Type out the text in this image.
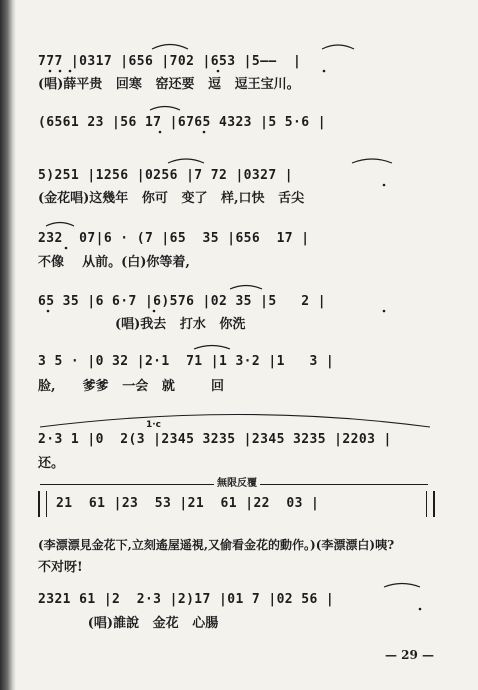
777 |0317 |656 |702 |653 |5——  |
(唱)薛平贵   回寒   窑还要   逗   逗王宝川。
(6561 23 |56 17 |6765 4323 |5 5·6 |
5)251 |1256 |0256 |7 72 |0327 |
(金花唱)这幾年   你可   变了   样,口快   舌尖
232  07|6 · (7 |65  35 |656  17 |
不像    从前。(白)你等着,
65 35 |6 6·7 |6)576 |02 35 |5   2 |
(唱)我去   打水   你洗
3 5 · |0 32 |2·1  71 |1 3·2 |1   3 |
脸,      爹爹   一会   就        回
1·c
2·3 1 |0  2(3 |2345 3235 |2345 3235 |2203 |
还。
無限反覆
21  61 |23  53 |21  61 |22  03 |
(李漂漂見金花下,立刻遙屋遥視,又偷看金花的動作。)(李漂漂白)咦?
不对呀!
2321 61 |2  2·3 |2)17 |01 7 |02 56 |
(唱)誰說   金花   心腸
— 29 —
